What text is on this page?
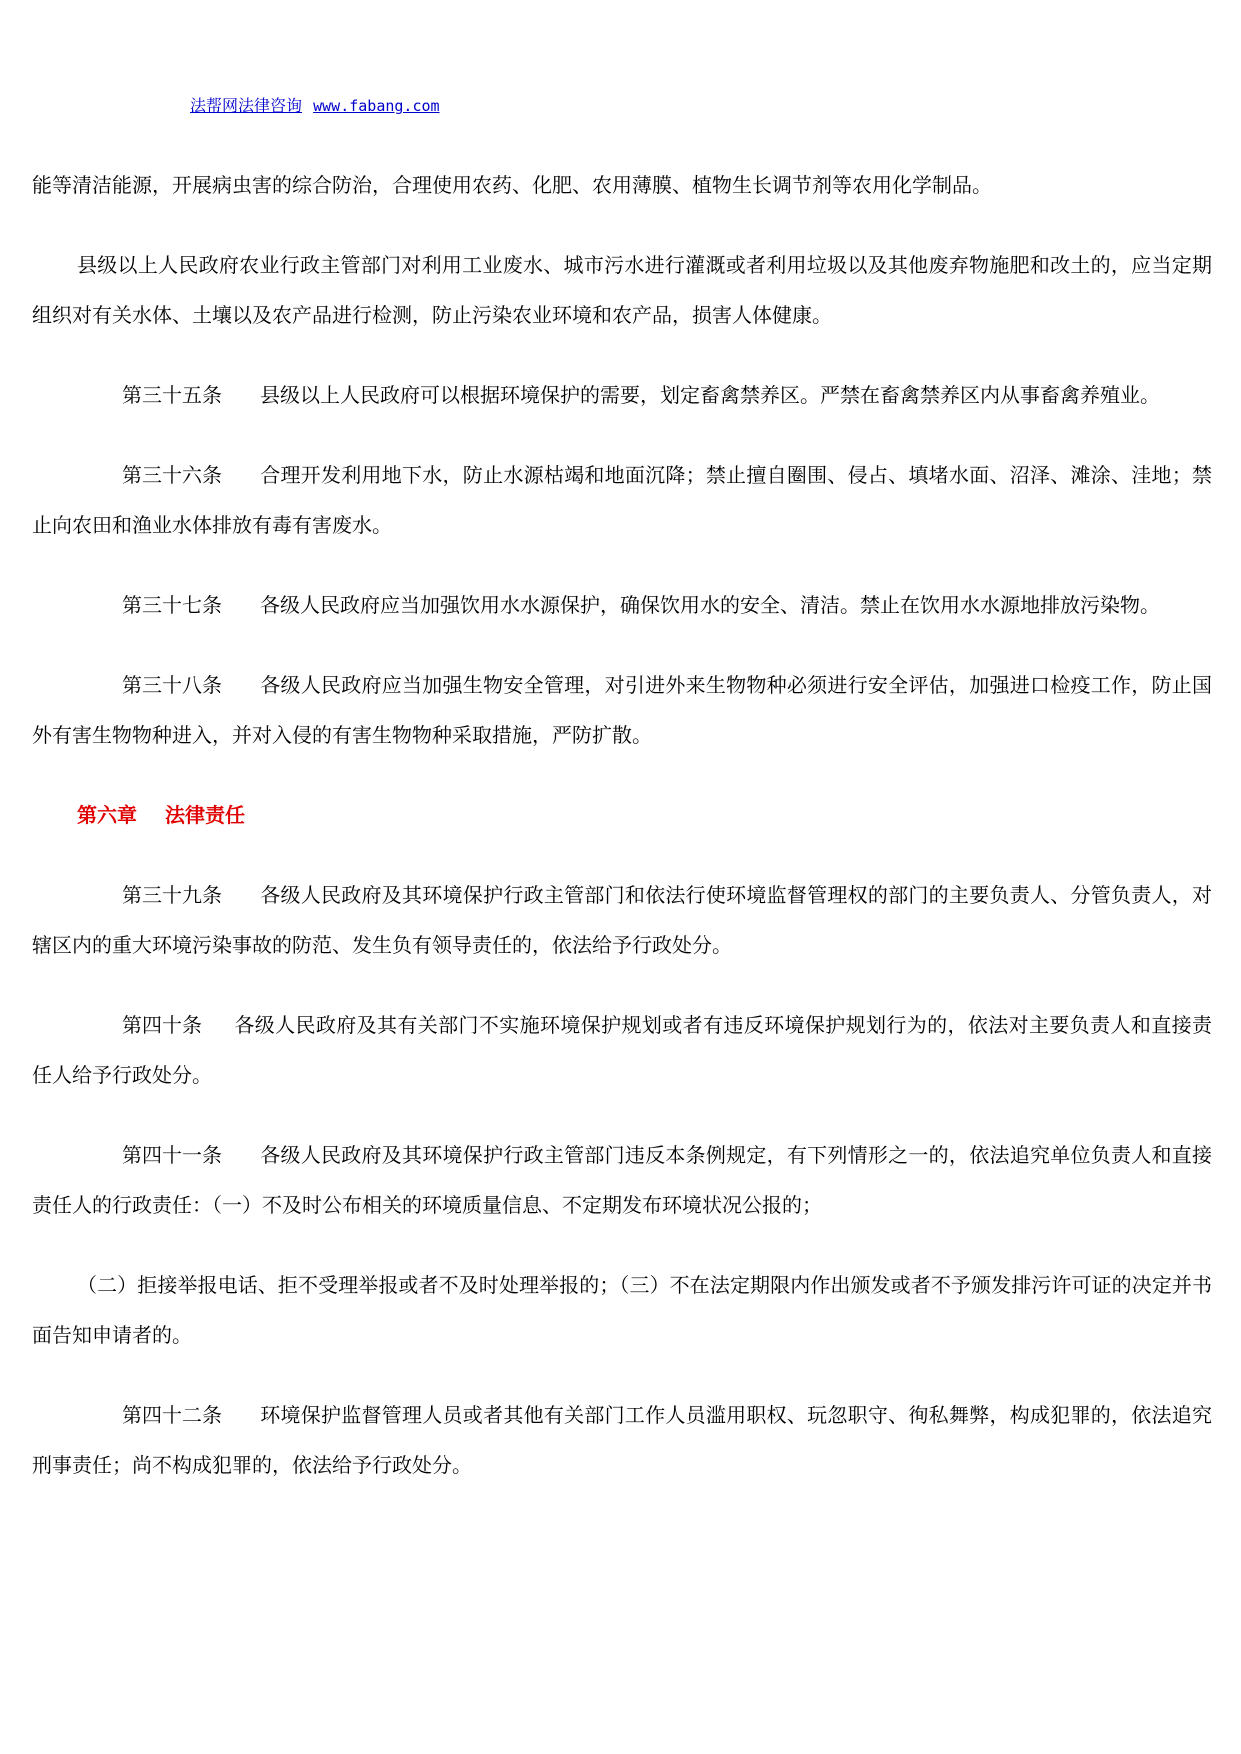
法帮网法律咨询 www.fabang.com

能等清洁能源，开展病虫害的综合防治，合理使用农药、化肥、农用薄膜、植物生长调节剂等农用化学制品。

县级以上人民政府农业行政主管部门对利用工业废水、城市污水进行灌溉或者利用垃圾以及其他废弃物施肥和改土的，应当定期组织对有关水体、土壤以及农产品进行检测，防止污染农业环境和农产品，损害人体健康。

第三十五条 县级以上人民政府可以根据环境保护的需要，划定畜禽禁养区。严禁在畜禽禁养区内从事畜禽养殖业。

第三十六条 合理开发利用地下水，防止水源枯竭和地面沉降；禁止擅自圈围、侵占、填堵水面、沼泽、滩涂、洼地；禁止向农田和渔业水体排放有毒有害废水。

第三十七条 各级人民政府应当加强饮用水水源保护，确保饮用水的安全、清洁。禁止在饮用水水源地排放污染物。

第三十八条 各级人民政府应当加强生物安全管理，对引进外来生物物种必须进行安全评估，加强进口检疫工作，防止国外有害生物物种进入，并对入侵的有害生物物种采取措施，严防扩散。

第六章 法律责任

第三十九条 各级人民政府及其环境保护行政主管部门和依法行使环境监督管理权的部门的主要负责人、分管负责人，对辖区内的重大环境污染事故的防范、发生负有领导责任的，依法给予行政处分。

第四十条 各级人民政府及其有关部门不实施环境保护规划或者有违反环境保护规划行为的，依法对主要负责人和直接责任人给予行政处分。

第四十一条 各级人民政府及其环境保护行政主管部门违反本条例规定，有下列情形之一的，依法追究单位负责人和直接责任人的行政责任：（一）不及时公布相关的环境质量信息、不定期发布环境状况公报的；

（二）拒接举报电话、拒不受理举报或者不及时处理举报的；（三）不在法定期限内作出颁发或者不予颁发排污许可证的决定并书面告知申请者的。

第四十二条 环境保护监督管理人员或者其他有关部门工作人员滥用职权、玩忽职守、徇私舞弊，构成犯罪的，依法追究刑事责任；尚不构成犯罪的，依法给予行政处分。
